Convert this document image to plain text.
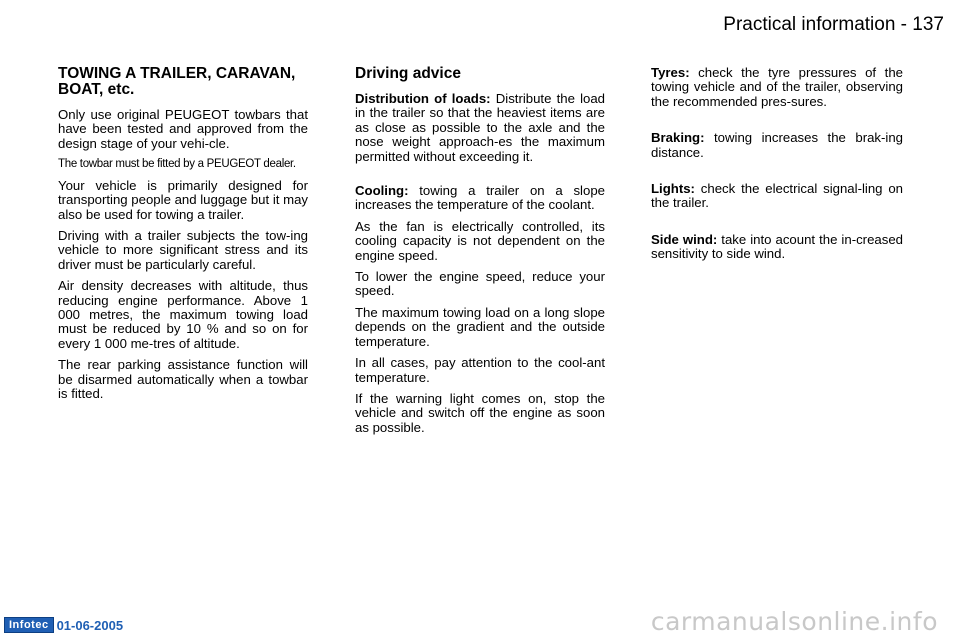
Practical information - 137
TOWING A TRAILER, CARAVAN, BOAT, etc.

Only use original PEUGEOT towbars that have been tested and approved from the design stage of your vehi-cle.

The towbar must be fitted by a PEUGEOT dealer.

Your vehicle is primarily designed for transporting people and luggage but it may also be used for towing a trailer.

Driving with a trailer subjects the tow-ing vehicle to more significant stress and its driver must be particularly careful.

Air density decreases with altitude, thus reducing engine performance. Above 1 000 metres, the maximum towing load must be reduced by 10 % and so on for every 1 000 me-tres of altitude.

The rear parking assistance function will be disarmed automatically when a towbar is fitted.

Driving advice

Distribution of loads: Distribute the load in the trailer so that the heaviest items are as close as possible to the axle and the nose weight approach-es the maximum permitted without exceeding it.

Cooling: towing a trailer on a slope increases the temperature of the coolant.

As the fan is electrically controlled, its cooling capacity is not dependent on the engine speed.

To lower the engine speed, reduce your speed.

The maximum towing load on a long slope depends on the gradient and the outside temperature.

In all cases, pay attention to the cool-ant temperature.

If the warning light comes on, stop the vehicle and switch off the engine as soon as possible.

Tyres: check the tyre pressures of the towing vehicle and of the trailer, observing the recommended pres-sures.

Braking: towing increases the brak-ing distance.

Lights: check the electrical signal-ling on the trailer.

Side wind: take into acount the in-creased sensitivity to side wind.

Infotec 01-06-2005	carmanualsonline.info
